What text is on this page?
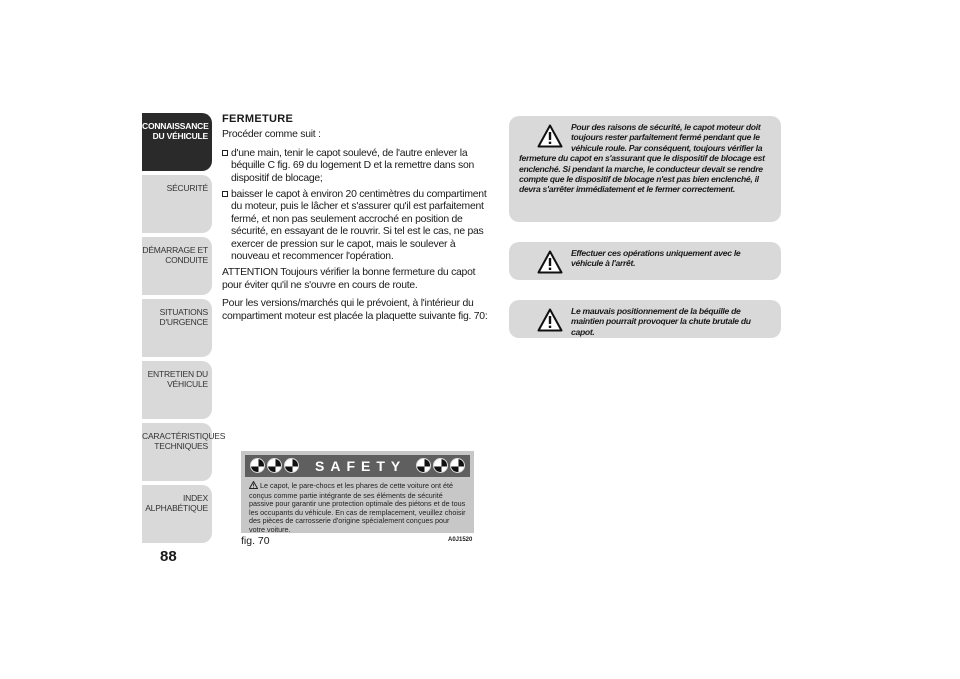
CONNAISSANCE
DU VÉHICULE
SÉCURITÉ
DÉMARRAGE ET
CONDUITE
SITUATIONS
D'URGENCE
ENTRETIEN DU
VÉHICULE
CARACTÉRISTIQUES
TECHNIQUES
INDEX
ALPHABÉTIQUE
88
FERMETURE

Procéder comme suit :

d'une main, tenir le capot soulevé, de l'autre enlever la béquille C fig. 69 du logement D et la remettre dans son dispositif de blocage;
baisser le capot à environ 20 centimètres du compartiment du moteur, puis le lâcher et s'assurer qu'il est parfaitement fermé, et non pas seulement accroché en position de sécurité, en essayant de le rouvrir. Si tel est le cas, ne pas exercer de pression sur le capot, mais le soulever à nouveau et recommencer l'opération.

ATTENTION Toujours vérifier la bonne fermeture du capot pour éviter qu'il ne s'ouvre en cours de route.

Pour les versions/marchés qui le prévoient, à l'intérieur du compartiment moteur est placée la plaquette suivante fig. 70:

SAFETY
Le capot, le pare-chocs et les phares de cette voiture ont été conçus comme partie intégrante de ses éléments de sécurité passive pour garantir une protection optimale des piétons et de tous les occupants du véhicule. En cas de remplacement, veuillez choisir des pièces de carrosserie d'origine spécialement conçues pour votre voiture.
fig. 70	A0J1520
Pour des raisons de sécurité, le capot moteur doit toujours rester parfaitement fermé pendant que le véhicule roule. Par conséquent, toujours vérifier la fermeture du capot en s'assurant que le dispositif de blocage est enclenché. Si pendant la marche, le conducteur devait se rendre compte que le dispositif de blocage n'est pas bien enclenché, il devra s'arrêter immédiatement et le fermer correctement.
Effectuer ces opérations uniquement avec le véhicule à l'arrêt.
Le mauvais positionnement de la béquille de maintien pourrait provoquer la chute brutale du capot.
